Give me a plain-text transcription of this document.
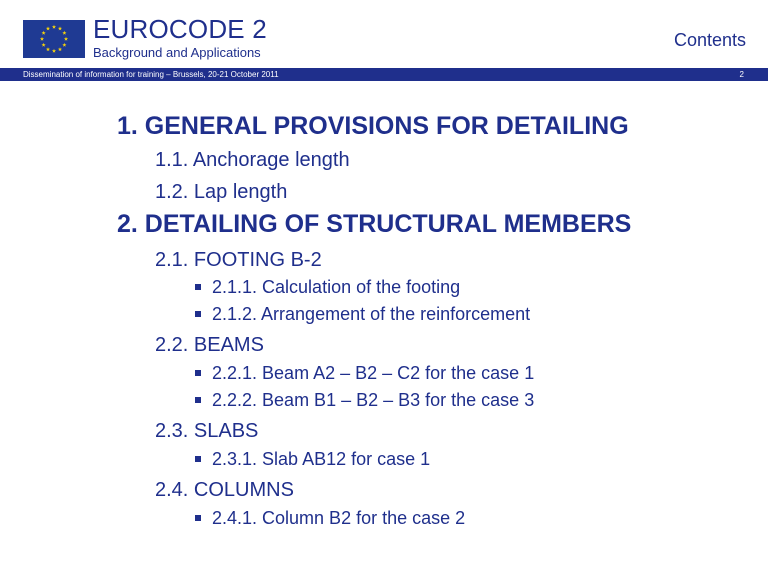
EUROCODE 2
Background and Applications
Contents
Dissemination of information for training – Brussels, 20-21 October 2011	2
1. GENERAL PROVISIONS FOR DETAILING
1.1. Anchorage length
1.2. Lap length
2. DETAILING OF STRUCTURAL MEMBERS
2.1. FOOTING B-2
2.1.1. Calculation of the footing
2.1.2. Arrangement of the reinforcement
2.2. BEAMS
2.2.1. Beam A2 – B2 – C2 for the case 1
2.2.2. Beam B1 – B2 – B3 for the case 3
2.3. SLABS
2.3.1. Slab AB12 for case 1
2.4. COLUMNS
2.4.1. Column B2 for the case 2
